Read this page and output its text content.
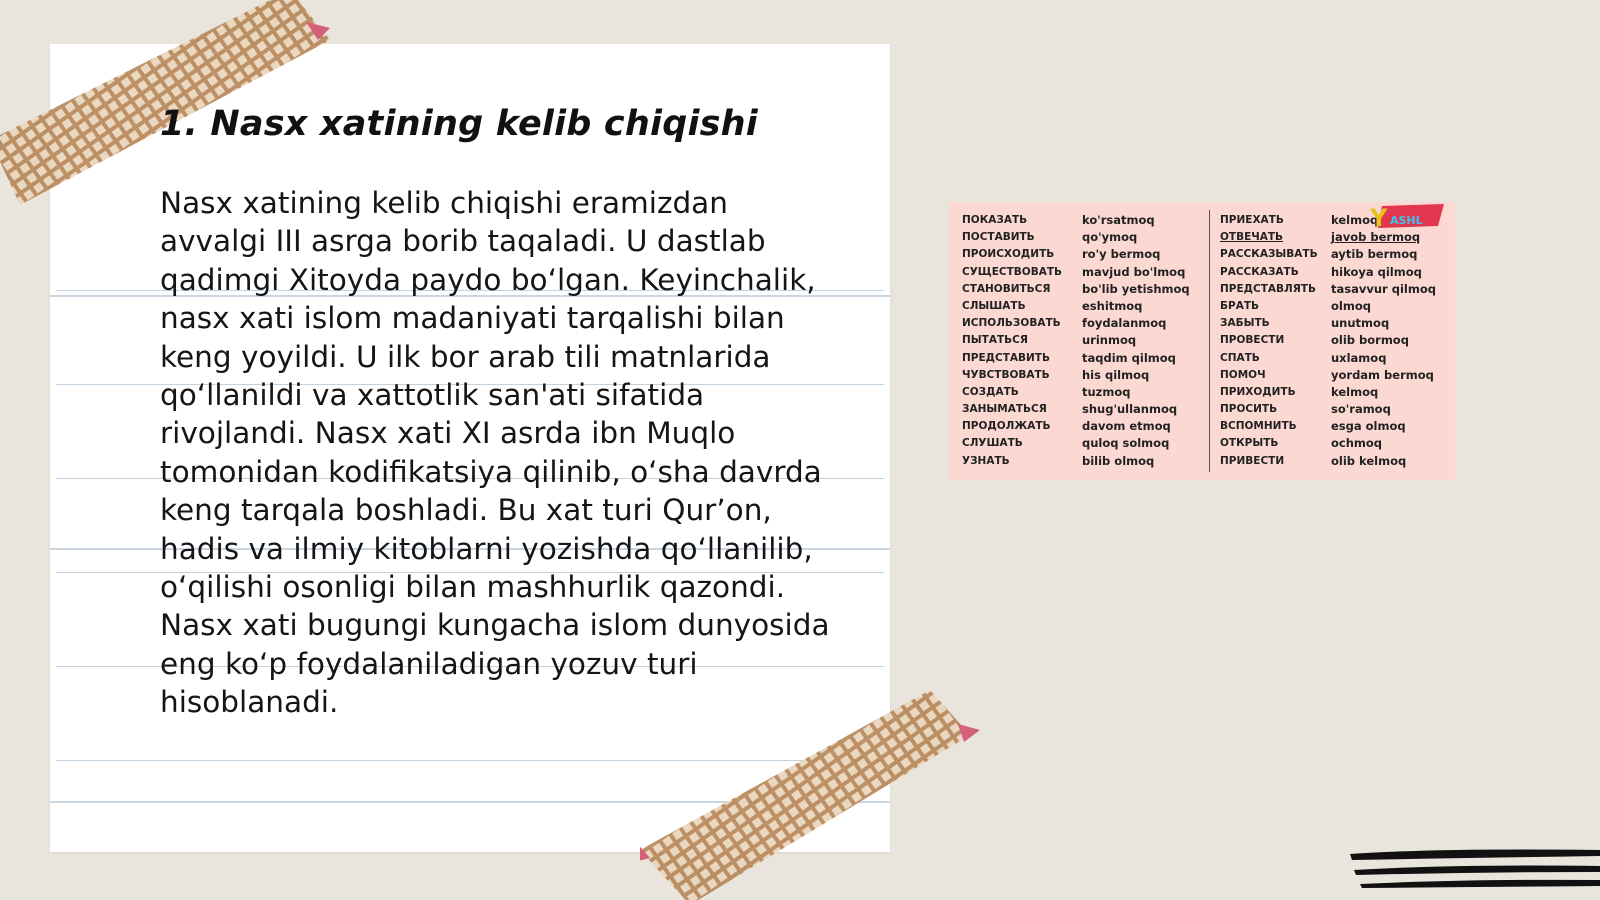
1. Nasx xatining kelib chiqishi

Nasx xatining kelib chiqishi eramizdan avvalgi III asrga borib taqaladi. U dastlab qadimgi Xitoyda paydo bo‘lgan. Keyinchalik, nasx xati islom madaniyati tarqalishi bilan keng yoyildi. U ilk bor arab tili matnlarida qo‘llanildi va xattotlik san'ati sifatida rivojlandi. Nasx xati XI asrda ibn Muqlo tomonidan kodifikatsiya qilinib, o‘sha davrda keng tarqala boshladi. Bu xat turi Qur’on, hadis va ilmiy kitoblarni yozishda qo‘llanilib, o‘qilishi osonligi bilan mashhurlik qazondi. Nasx xati bugungi kungacha islom dunyosida eng ko‘p foydalaniladigan yozuv turi hisoblanadi.

ПОКАЗАТЬ
ПОСТАВИТЬ
ПРОИСХОДИТЬ
СУЩЕСТВОВАТЬ
СТАНОВИТЬСЯ
СЛЫШАТЬ
ИСПОЛЬЗОВАТЬ
ПЫТАТЬСЯ
ПРЕДСТАВИТЬ
ЧУВСТВОВАТЬ
СОЗДАТЬ
ЗАНЫМАТЬСЯ
ПРОДОЛЖАТЬ
СЛУШАТЬ
УЗНАТЬ
ko'rsatmoq
qo'ymoq
ro'y bermoq
mavjud bo'lmoq
bo'lib yetishmoq
eshitmoq
foydalanmoq
urinmoq
taqdim qilmoq
his qilmoq
tuzmoq
shug'ullanmoq
davom etmoq
quloq solmoq
bilib olmoq
ПРИЕХАТЬ
ОТВЕЧАТЬ
РАССКАЗЫВАТЬ
РАССКАЗАТЬ
ПРЕДСТАВЛЯТЬ
БРАТЬ
ЗАБЫТЬ
ПРОВЕСТИ
СПАТЬ
ПОМОЧ
ПРИХОДИТЬ
ПРОСИТЬ
ВСПОМНИТЬ
ОТКРЫТЬ
ПРИВЕСТИ
kelmoq
javob bermoq
aytib bermoq
hikoya qilmoq
tasavvur qilmoq
olmoq
unutmoq
olib bormoq
uxlamoq
yordam bermoq
kelmoq
so'ramoq
esga olmoq
ochmoq
olib kelmoq
Y ASHL
